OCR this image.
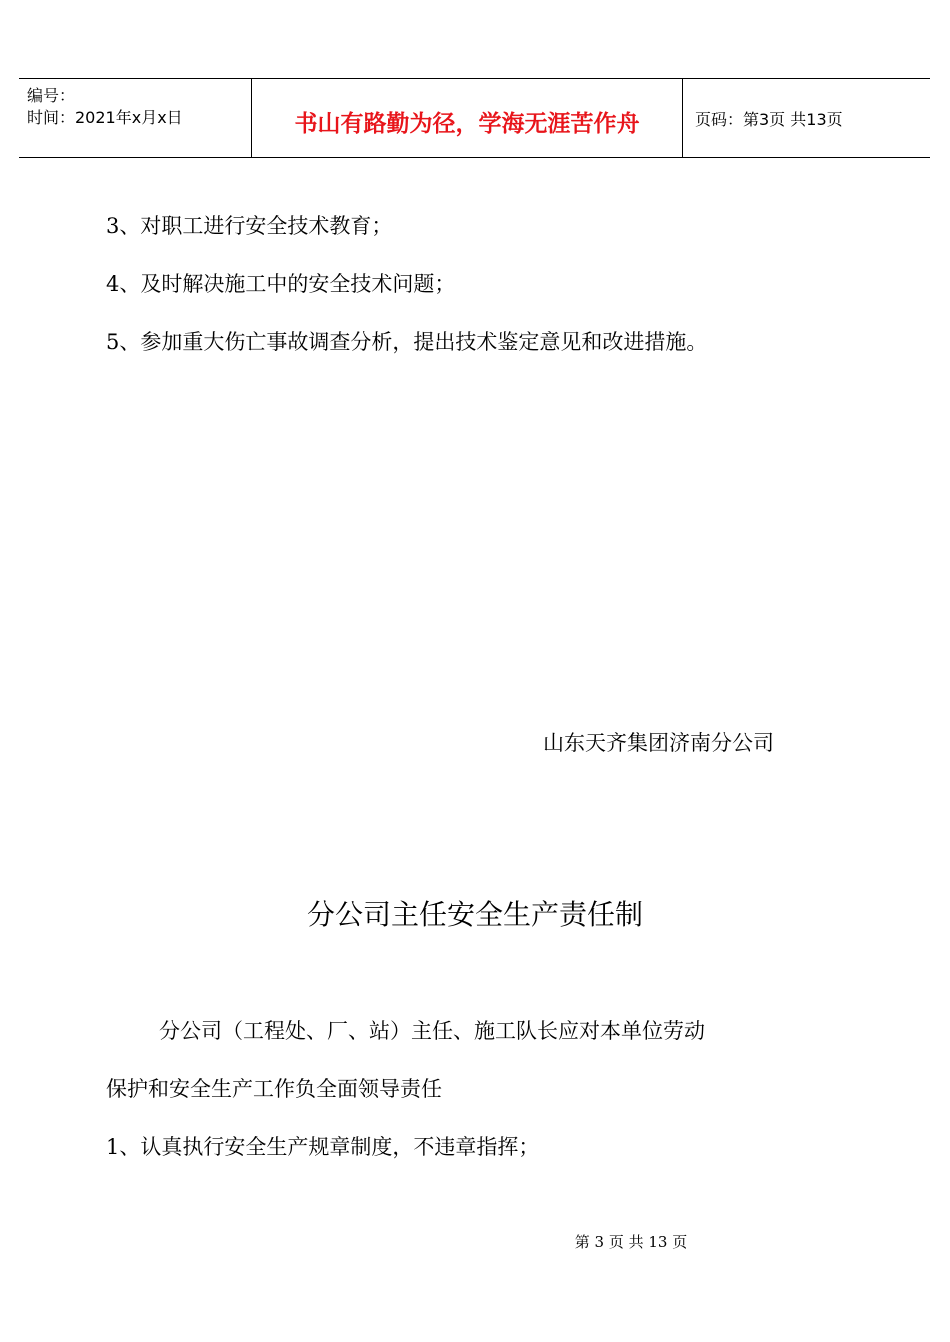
编号：
时间：2021年x月x日	书山有路勤为径，学海无涯苦作舟	页码：第3页 共13页
3、对职工进行安全技术教育；
4、及时解决施工中的安全技术问题；
5、参加重大伤亡事故调查分析，提出技术鉴定意见和改进措施。
山东天齐集团济南分公司
分公司主任安全生产责任制
分公司（工程处、厂、站）主任、施工队长应对本单位劳动
保护和安全生产工作负全面领导责任
1、认真执行安全生产规章制度，不违章指挥；
第 3 页 共 13 页
